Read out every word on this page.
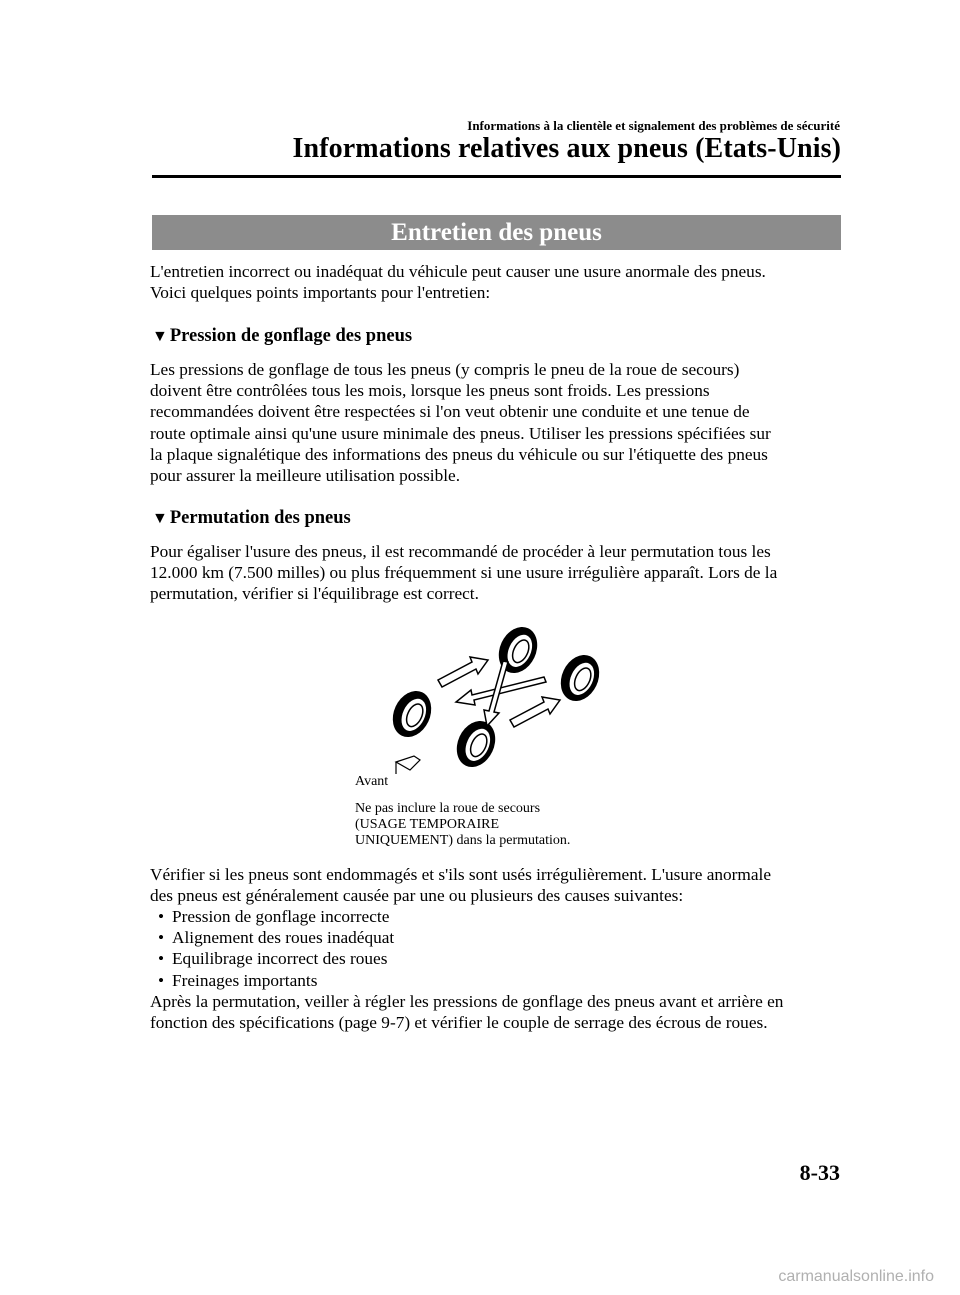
Informations à la clientèle et signalement des problèmes de sécurité
Informations relatives aux pneus (Etats-Unis)
Entretien des pneus
L'entretien incorrect ou inadéquat du véhicule peut causer une usure anormale des pneus.
Voici quelques points importants pour l'entretien:
▼ Pression de gonflage des pneus
Les pressions de gonflage de tous les pneus (y compris le pneu de la roue de secours)
doivent être contrôlées tous les mois, lorsque les pneus sont froids. Les pressions
recommandées doivent être respectées si l'on veut obtenir une conduite et une tenue de
route optimale ainsi qu'une usure minimale des pneus. Utiliser les pressions spécifiées sur
la plaque signalétique des informations des pneus du véhicule ou sur l'étiquette des pneus
pour assurer la meilleure utilisation possible.
▼ Permutation des pneus
Pour égaliser l'usure des pneus, il est recommandé de procéder à leur permutation tous les
12.000 km (7.500 milles) ou plus fréquemment si une usure irrégulière apparaît. Lors de la
permutation, vérifier si l'équilibrage est correct.
Avant
Ne pas inclure la roue de secours
(USAGE TEMPORAIRE
UNIQUEMENT) dans la permutation.
Vérifier si les pneus sont endommagés et s'ils sont usés irrégulièrement. L'usure anormale
des pneus est généralement causée par une ou plusieurs des causes suivantes:
• Pression de gonflage incorrecte
• Alignement des roues inadéquat
• Equilibrage incorrect des roues
• Freinages importants
Après la permutation, veiller à régler les pressions de gonflage des pneus avant et arrière en
fonction des spécifications (page 9-7) et vérifier le couple de serrage des écrous de roues.
8-33
carmanualsonline.info
